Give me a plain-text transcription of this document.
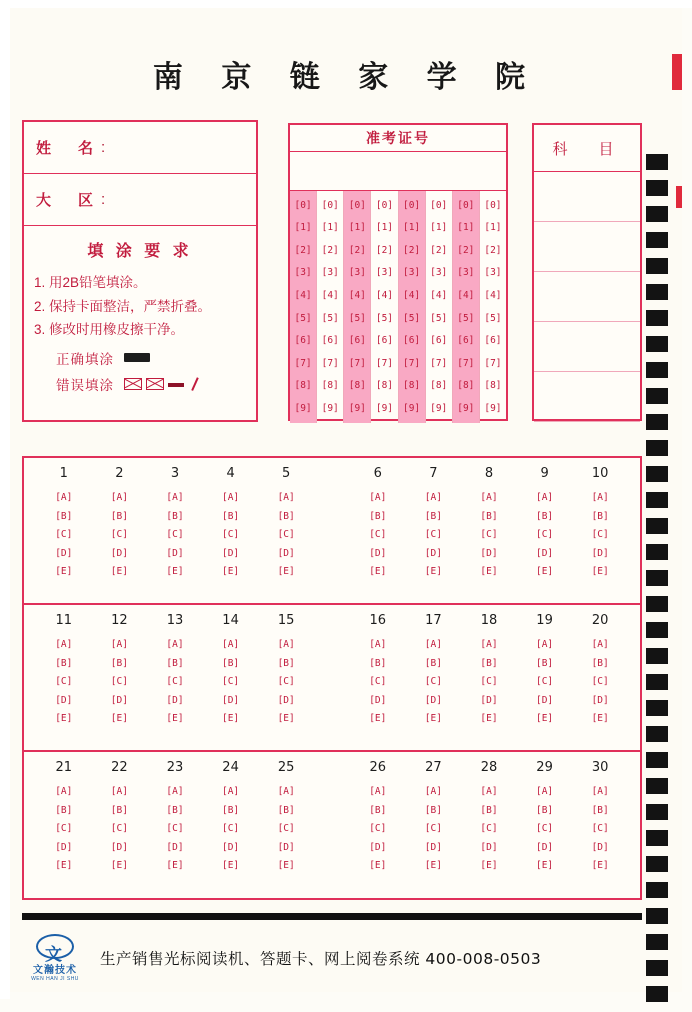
南 京 链 家 学 院
姓　名 :
大　区 :
填 涂 要 求
1. 用2B铅笔填涂。
2. 保持卡面整洁，严禁折叠。
3. 修改时用橡皮擦干净。
正确填涂
错误填涂
准考证号
[0]
[1]
[2]
[3]
[4]
[5]
[6]
[7]
[8]
[9]
[0]
[1]
[2]
[3]
[4]
[5]
[6]
[7]
[8]
[9]
[0]
[1]
[2]
[3]
[4]
[5]
[6]
[7]
[8]
[9]
[0]
[1]
[2]
[3]
[4]
[5]
[6]
[7]
[8]
[9]
[0]
[1]
[2]
[3]
[4]
[5]
[6]
[7]
[8]
[9]
[0]
[1]
[2]
[3]
[4]
[5]
[6]
[7]
[8]
[9]
[0]
[1]
[2]
[3]
[4]
[5]
[6]
[7]
[8]
[9]
[0]
[1]
[2]
[3]
[4]
[5]
[6]
[7]
[8]
[9]
科　目
1
[A]
[B]
[C]
[D]
[E]
2
[A]
[B]
[C]
[D]
[E]
3
[A]
[B]
[C]
[D]
[E]
4
[A]
[B]
[C]
[D]
[E]
5
[A]
[B]
[C]
[D]
[E]
6
[A]
[B]
[C]
[D]
[E]
7
[A]
[B]
[C]
[D]
[E]
8
[A]
[B]
[C]
[D]
[E]
9
[A]
[B]
[C]
[D]
[E]
10
[A]
[B]
[C]
[D]
[E]
11
[A]
[B]
[C]
[D]
[E]
12
[A]
[B]
[C]
[D]
[E]
13
[A]
[B]
[C]
[D]
[E]
14
[A]
[B]
[C]
[D]
[E]
15
[A]
[B]
[C]
[D]
[E]
16
[A]
[B]
[C]
[D]
[E]
17
[A]
[B]
[C]
[D]
[E]
18
[A]
[B]
[C]
[D]
[E]
19
[A]
[B]
[C]
[D]
[E]
20
[A]
[B]
[C]
[D]
[E]
21
[A]
[B]
[C]
[D]
[E]
22
[A]
[B]
[C]
[D]
[E]
23
[A]
[B]
[C]
[D]
[E]
24
[A]
[B]
[C]
[D]
[E]
25
[A]
[B]
[C]
[D]
[E]
26
[A]
[B]
[C]
[D]
[E]
27
[A]
[B]
[C]
[D]
[E]
28
[A]
[B]
[C]
[D]
[E]
29
[A]
[B]
[C]
[D]
[E]
30
[A]
[B]
[C]
[D]
[E]
文
文瀚技术
WEN HAN JI SHU
生产销售光标阅读机、答题卡、网上阅卷系统 400-008-0503
